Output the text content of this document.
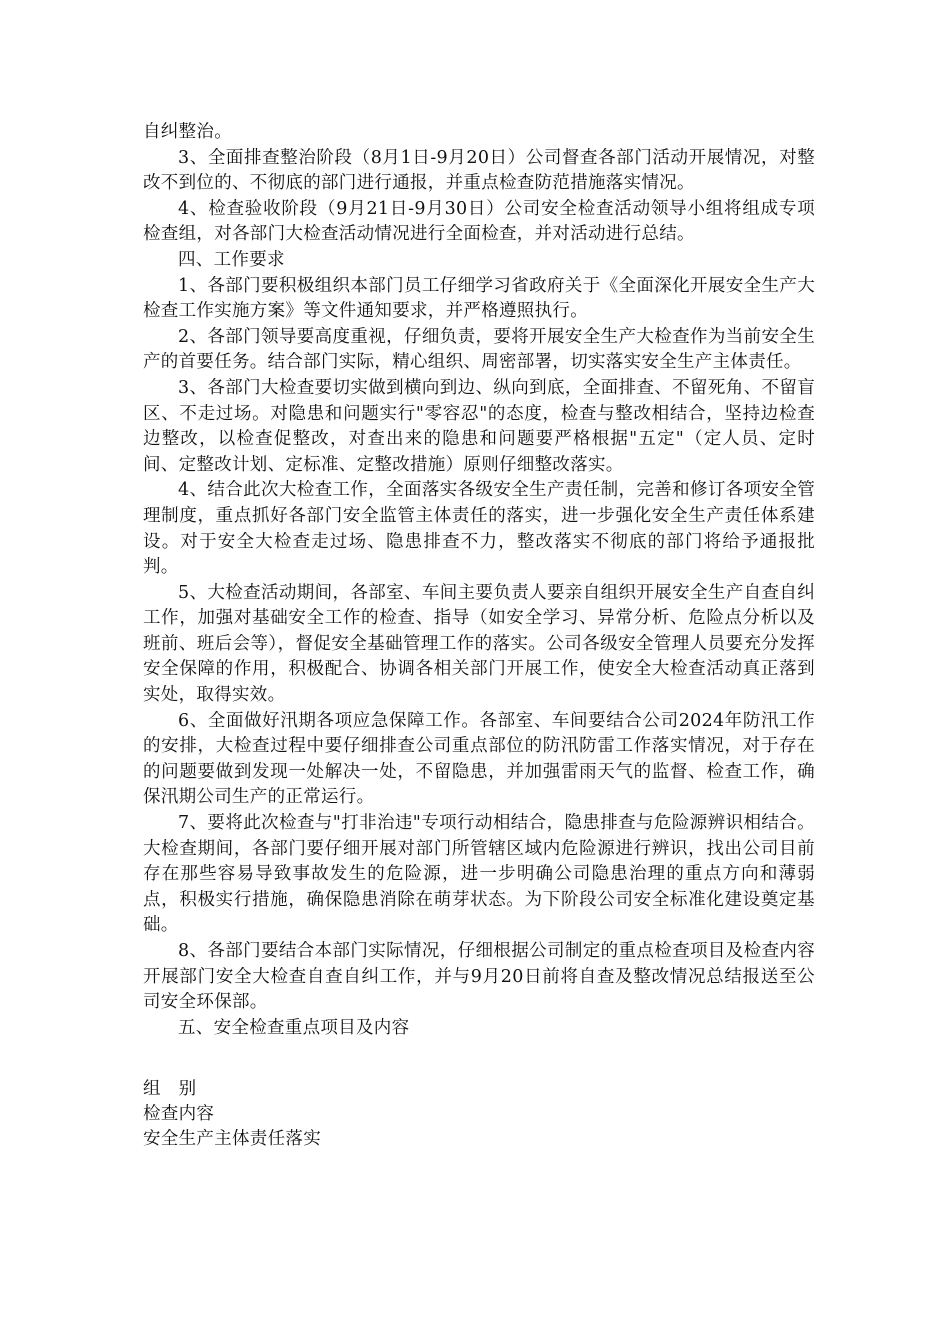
自纠整治。

3、全面排查整治阶段（8月1日-9月20日）公司督查各部门活动开展情况，对整改不到位的、不彻底的部门进行通报，并重点检查防范措施落实情况。

4、检查验收阶段（9月21日-9月30日）公司安全检查活动领导小组将组成专项检查组，对各部门大检查活动情况进行全面检查，并对活动进行总结。

四、工作要求

1、各部门要积极组织本部门员工仔细学习省政府关于《全面深化开展安全生产大检查工作实施方案》等文件通知要求，并严格遵照执行。

2、各部门领导要高度重视，仔细负责，要将开展安全生产大检查作为当前安全生产的首要任务。结合部门实际，精心组织、周密部署，切实落实安全生产主体责任。

3、各部门大检查要切实做到横向到边、纵向到底，全面排查、不留死角、不留盲区、不走过场。对隐患和问题实行"零容忍"的态度，检查与整改相结合，坚持边检查边整改，以检查促整改，对查出来的隐患和问题要严格根据"五定"（定人员、定时间、定整改计划、定标准、定整改措施）原则仔细整改落实。

4、结合此次大检查工作，全面落实各级安全生产责任制，完善和修订各项安全管理制度，重点抓好各部门安全监管主体责任的落实，进一步强化安全生产责任体系建设。对于安全大检查走过场、隐患排查不力，整改落实不彻底的部门将给予通报批判。

5、大检查活动期间，各部室、车间主要负责人要亲自组织开展安全生产自查自纠工作，加强对基础安全工作的检查、指导（如安全学习、异常分析、危险点分析以及班前、班后会等），督促安全基础管理工作的落实。公司各级安全管理人员要充分发挥安全保障的作用，积极配合、协调各相关部门开展工作，使安全大检查活动真正落到实处，取得实效。

6、全面做好汛期各项应急保障工作。各部室、车间要结合公司2024年防汛工作的安排，大检查过程中要仔细排查公司重点部位的防汛防雷工作落实情况，对于存在的问题要做到发现一处解决一处，不留隐患，并加强雷雨天气的监督、检查工作，确保汛期公司生产的正常运行。

7、要将此次检查与"打非治违"专项行动相结合，隐患排查与危险源辨识相结合。大检查期间，各部门要仔细开展对部门所管辖区域内危险源进行辨识，找出公司目前存在那些容易导致事故发生的危险源，进一步明确公司隐患治理的重点方向和薄弱点，积极实行措施，确保隐患消除在萌芽状态。为下阶段公司安全标准化建设奠定基础。

8、各部门要结合本部门实际情况，仔细根据公司制定的重点检查项目及检查内容开展部门安全大检查自查自纠工作，并与9月20日前将自查及整改情况总结报送至公司安全环保部。

五、安全检查重点项目及内容

组　别

检查内容

安全生产主体责任落实
